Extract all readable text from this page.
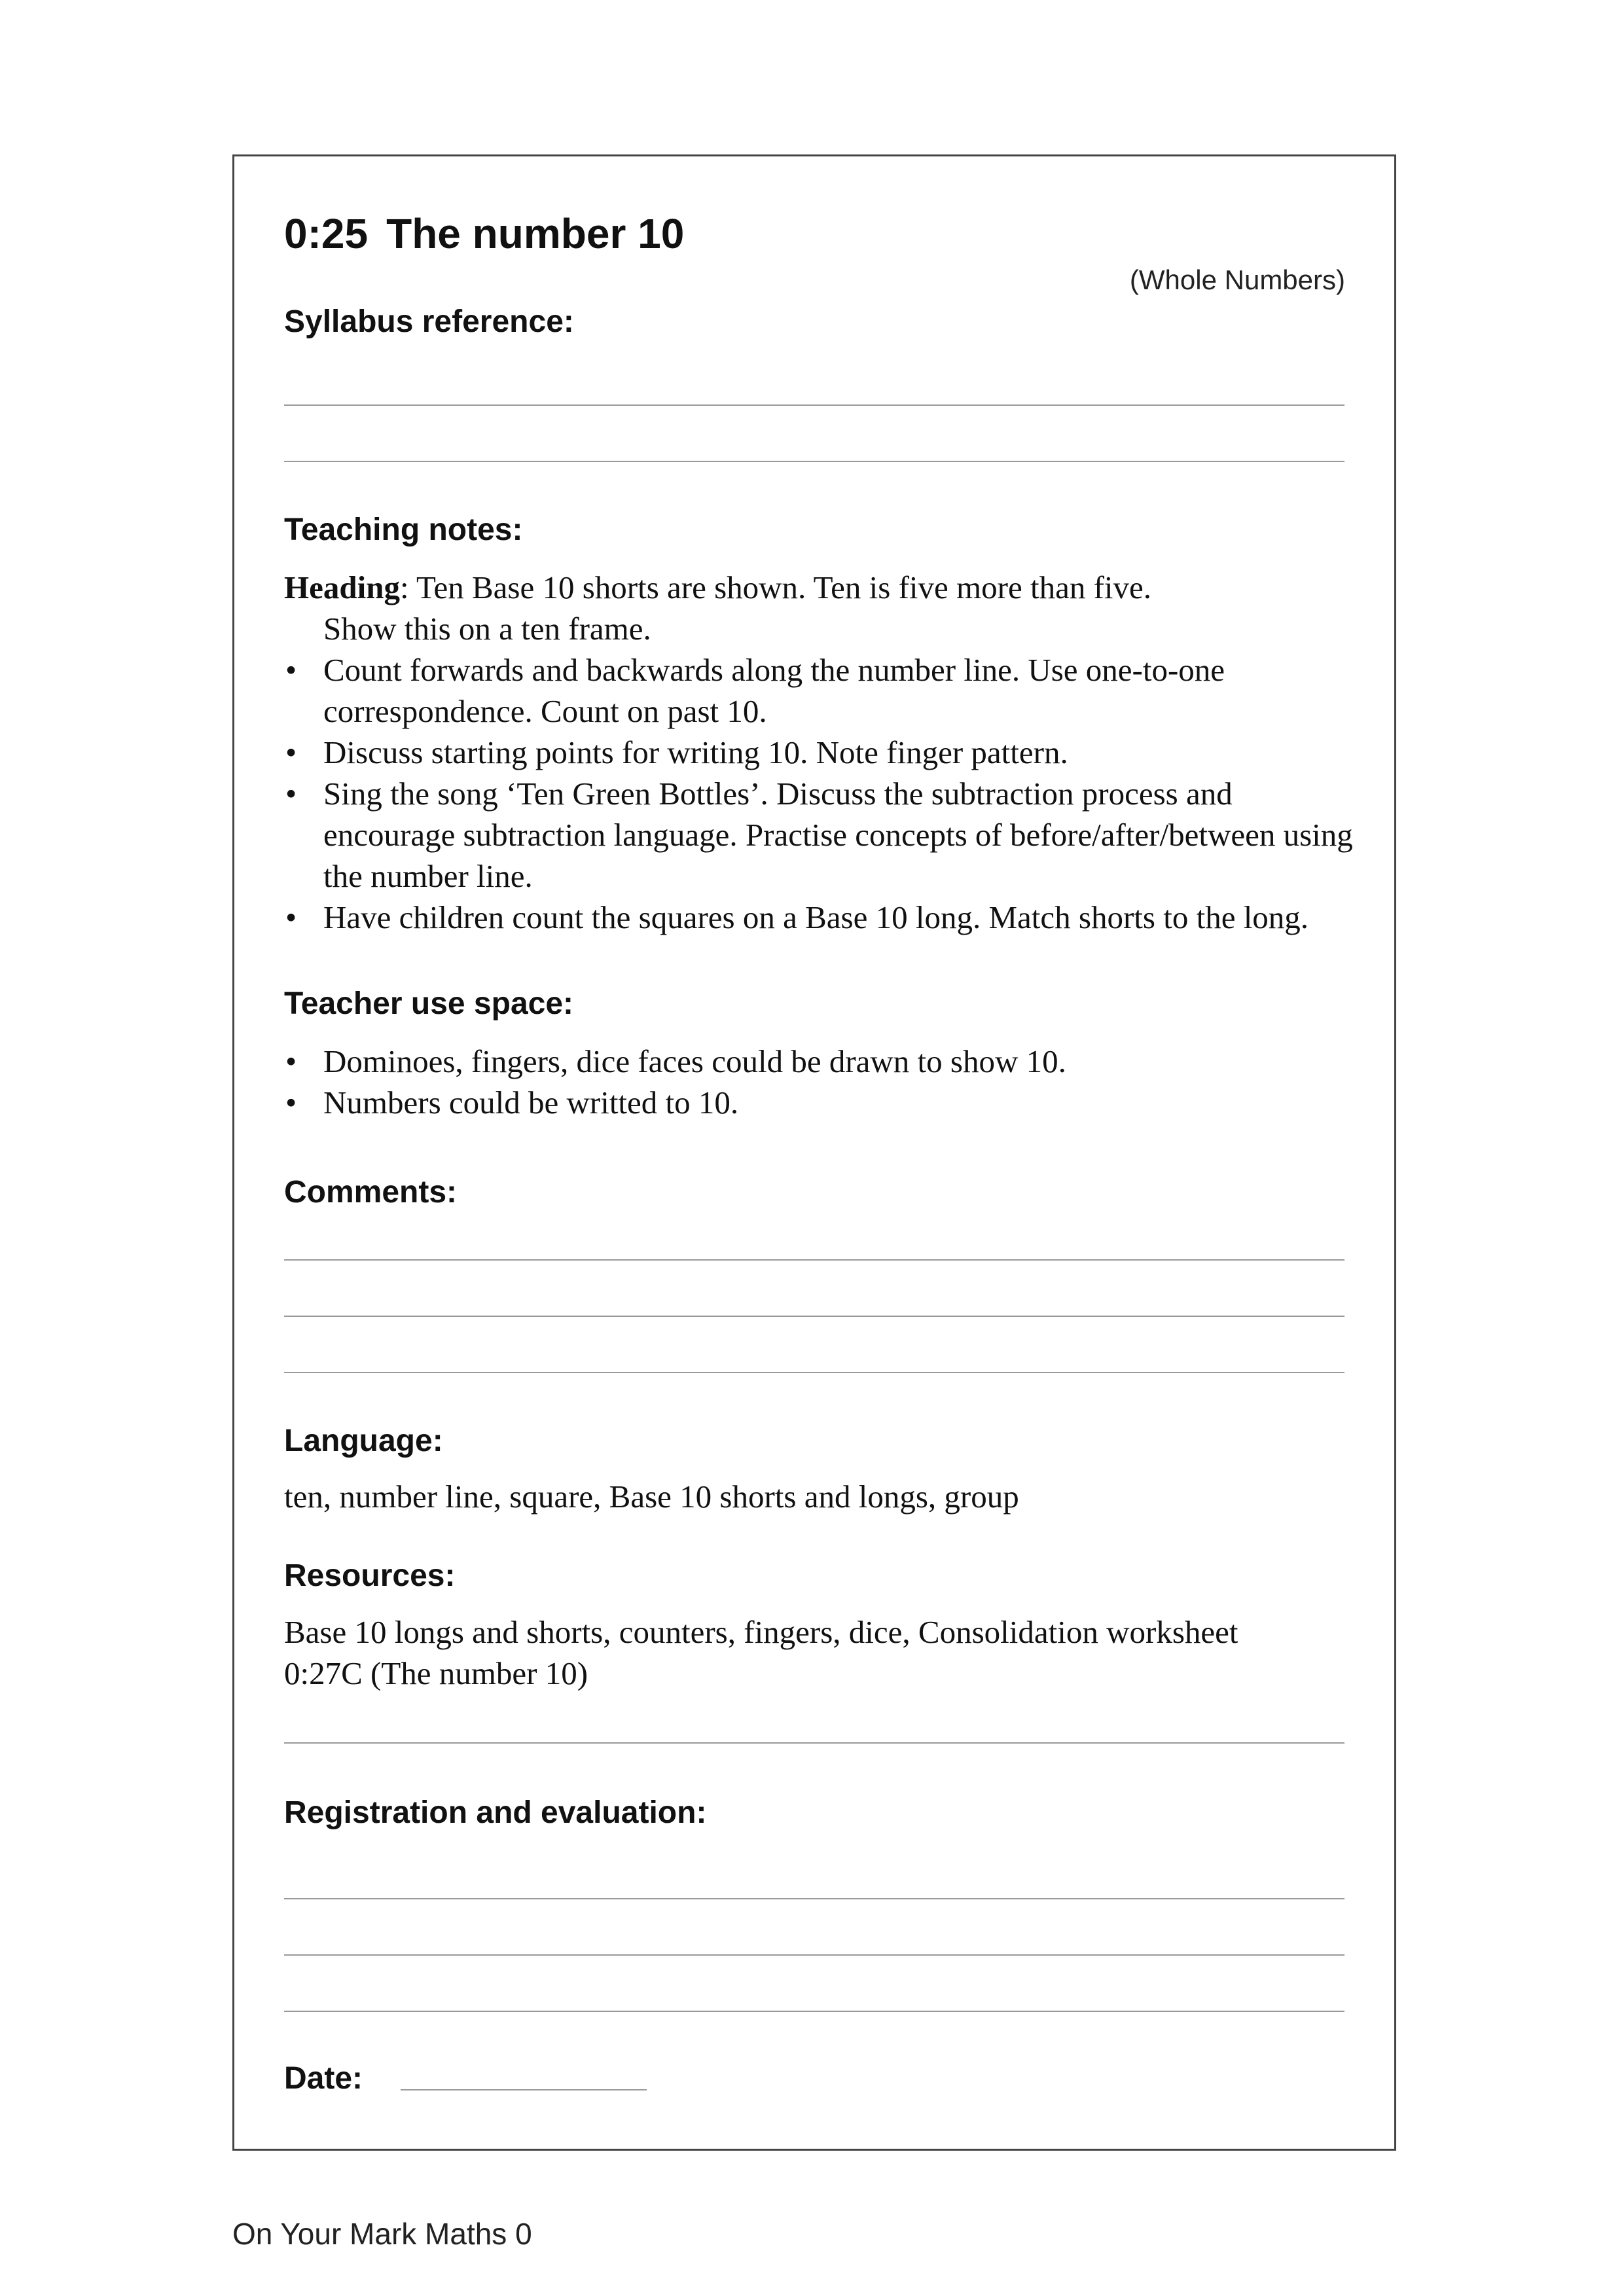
0:25 The number 10
(Whole Numbers)
Syllabus reference:
Teaching notes:

Heading: Ten Base 10 shorts are shown. Ten is five more than five.
Show this on a ten frame.

• Count forwards and backwards along the number line. Use one-to-one correspondence. Count on past 10.
• Discuss starting points for writing 10. Note finger pattern.
• Sing the song ‘Ten Green Bottles’. Discuss the subtraction process and encourage subtraction language. Practise concepts of before/after/between using the number line.
• Have children count the squares on a Base 10 long. Match shorts to the long.
Teacher use space:
• Dominoes, fingers, dice faces could be drawn to show 10.
• Numbers could be writted to 10.
Comments:
Language:
ten, number line, square, Base 10 shorts and longs, group
Resources:
Base 10 longs and shorts, counters, fingers, dice, Consolidation worksheet
0:27C (The number 10)
Registration and evaluation:
Date:
On Your Mark Maths 0
